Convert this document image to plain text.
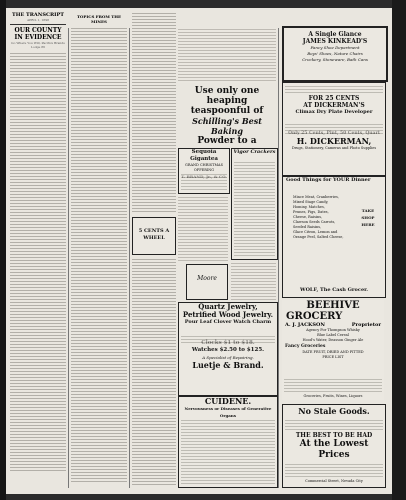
THE TRANSCRIPT
APRIL 1, 1898
OUR COUNTY IN EVIDENCE
Go Where You Will, Pacifics Brands Lodge 86
TOPICS FROM THE MINES
5 CENTS A WHEEL
Use only one heaping
teaspoonful of
Schilling's Best Baking
Powder to a
Sequoia Gigantea
GRAND CHRISTMAS OFFERING
Vigor Crackers
Moore
Quartz Jewelry,
Petrified Wood Jewelry.
Pour Leaf Clover Watch Charm
Watches $2.50 to $125.
A Specialist of Repairing.
Luetje & Brand.
CUIDENE.
Nervousness or Diseases of Generative Organs
A Single Glance
JAMES KINKEAD'S
Fancy Shoe Department
Boys' Shoes, Nature Chairs
Crockery, Stoneware, Bath Cans
FOR 25 CENTS
AT DICKERMAN'S
Climax Dry Plate Developer
H. DICKERMAN,
Drugs, Stationery, Cameras and Photo Supplies
Good Things for YOUR Dinner
Mince Meat, Cranberries,
Mixed Stage Candy,
Hominy, Matches,
Prunes, Figs, Dates,
Cheese, Raisins,
Clawson Seeds Carrots,
Seeded Raisins,
Glace Citron, Lemon and
Orange Peel, Salted Cheese,
TAKE
SHOP HERE
WOLF, The Cash Grocer.
BEEHIVE
GROCERY
A. J. JACKSON	Proprietor
Agency For Thompson Whisky
Blue Label Cereal
Hood's Water, Deasson Ginger Ale
Fancy Groceries
DATE FRUIT, DRIED AND PITTED
PRICE LIST
Groceries, Fruits, Wines, Liquors
No Stale Goods.
THE BEST TO BE HAD
At the Lowest Prices
Commercial Street, Nevada City
